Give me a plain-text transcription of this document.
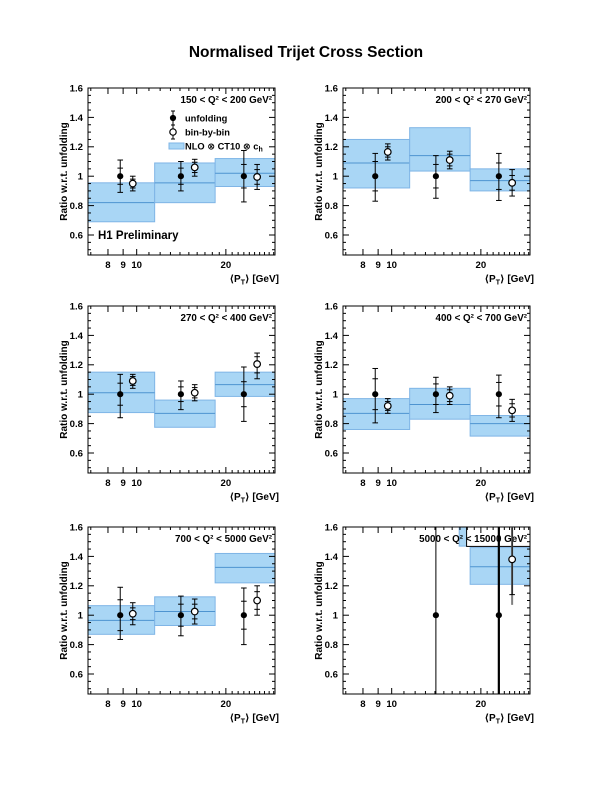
Normalised Trijet Cross Section
8 9 10	20
0.6
0.8
1
1.2
1.4
1.6
Ratio w.r.t. unfolding
$⟨P_T⟩$ [GeV]
150 < Q² < 200 GeV²
unfolding
bin-by-bin
NLO ⊗ CT10 ⊗ $c_h$
H1 Preliminary
8 9 10	20
0.6
0.8
1
1.2
1.4
1.6
Ratio w.r.t. unfolding
$⟨P_T⟩$ [GeV]
200 < Q² < 270 GeV²
8 9 10	20
0.6
0.8
1
1.2
1.4
1.6
Ratio w.r.t. unfolding
$⟨P_T⟩$ [GeV]
270 < Q² < 400 GeV²
8 9 10	20
0.6
0.8
1
1.2
1.4
1.6
Ratio w.r.t. unfolding
$⟨P_T⟩$ [GeV]
400 < Q² < 700 GeV²
8 9 10	20
0.6
0.8
1
1.2
1.4
1.6
Ratio w.r.t. unfolding
$⟨P_T⟩$ [GeV]
700 < Q² < 5000 GeV²
8 9 10	20
0.6
0.8
1
1.2
1.4
1.6
Ratio w.r.t. unfolding
$⟨P_T⟩$ [GeV]
5000 < Q² < 15000 GeV²
